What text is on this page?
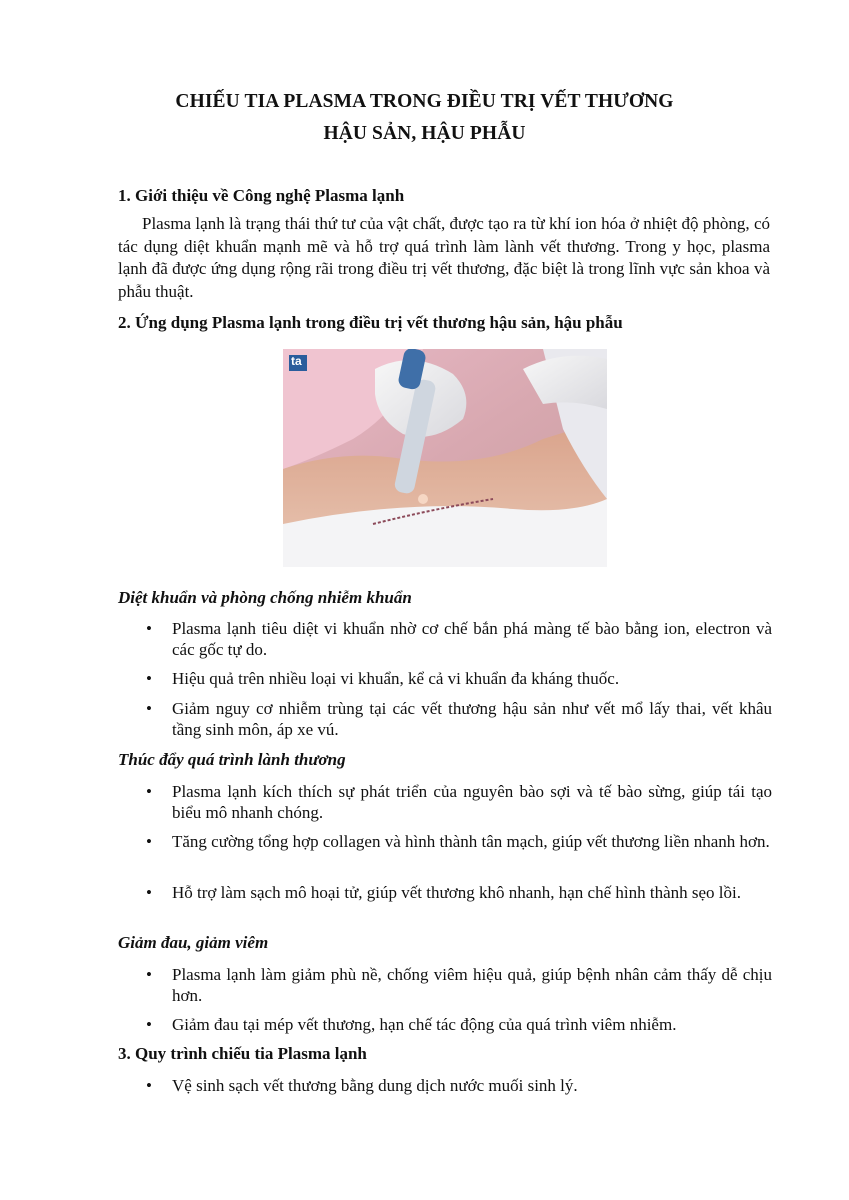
CHIẾU TIA PLASMA TRONG ĐIỀU TRỊ VẾT THƯƠNG
HẬU SẢN, HẬU PHẪU
1. Giới thiệu về Công nghệ Plasma lạnh

Plasma lạnh là trạng thái thứ tư của vật chất, được tạo ra từ khí ion hóa ở nhiệt độ phòng, có tác dụng diệt khuẩn mạnh mẽ và hỗ trợ quá trình làm lành vết thương. Trong y học, plasma lạnh đã được ứng dụng rộng rãi trong điều trị vết thương, đặc biệt là trong lĩnh vực sản khoa và phẫu thuật.

2. Ứng dụng Plasma lạnh trong điều trị vết thương hậu sản, hậu phẫu
ta
Diệt khuẩn và phòng chống nhiễm khuẩn
• Plasma lạnh tiêu diệt vi khuẩn nhờ cơ chế bắn phá màng tế bào bằng ion, electron và các gốc tự do.
• Hiệu quả trên nhiều loại vi khuẩn, kể cả vi khuẩn đa kháng thuốc.
• Giảm nguy cơ nhiễm trùng tại các vết thương hậu sản như vết mổ lấy thai, vết khâu tầng sinh môn, áp xe vú.
Thúc đẩy quá trình lành thương
• Plasma lạnh kích thích sự phát triển của nguyên bào sợi và tế bào sừng, giúp tái tạo biểu mô nhanh chóng.
• Tăng cường tổng hợp collagen và hình thành tân mạch, giúp vết thương liền nhanh hơn.
• Hỗ trợ làm sạch mô hoại tử, giúp vết thương khô nhanh, hạn chế hình thành sẹo lồi.
Giảm đau, giảm viêm
• Plasma lạnh làm giảm phù nề, chống viêm hiệu quả, giúp bệnh nhân cảm thấy dễ chịu hơn.
• Giảm đau tại mép vết thương, hạn chế tác động của quá trình viêm nhiễm.
3. Quy trình chiếu tia Plasma lạnh
• Vệ sinh sạch vết thương bằng dung dịch nước muối sinh lý.
